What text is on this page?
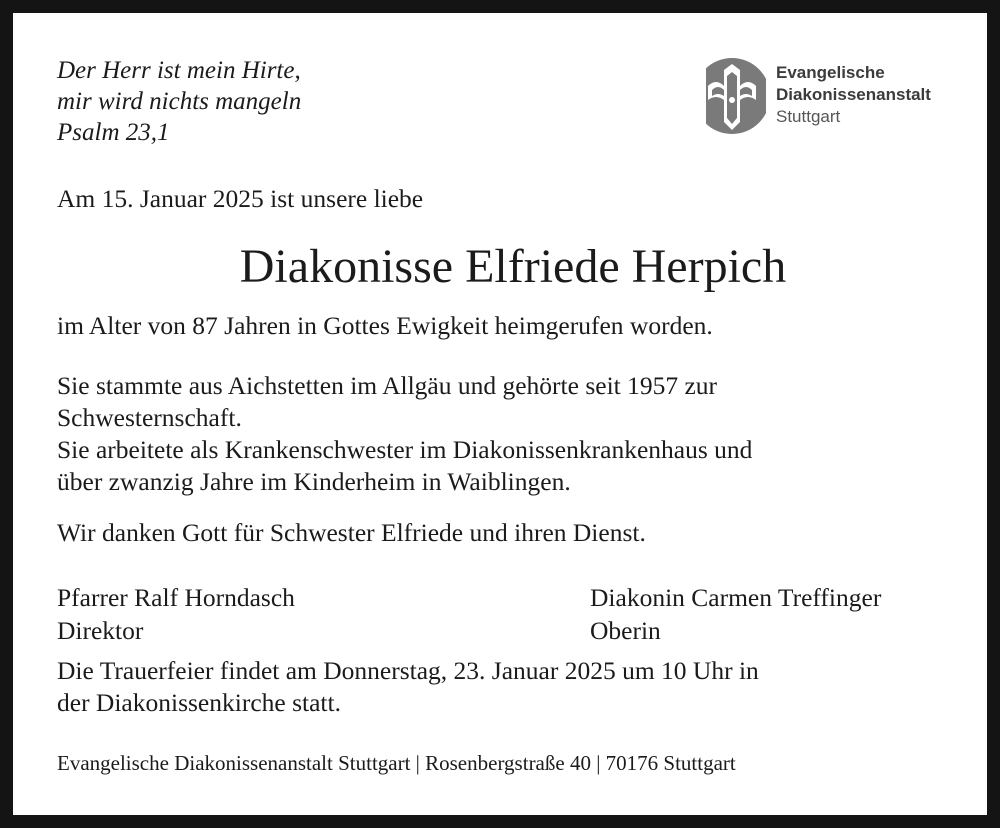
Der Herr ist mein Hirte,
mir wird nichts mangeln
Psalm 23,1
Evangelische
Diakonissenanstalt
Stuttgart
Am 15. Januar 2025 ist unsere liebe
Diakonisse Elfriede Herpich
im Alter von 87 Jahren in Gottes Ewigkeit heimgerufen worden.
Sie stammte aus Aichstetten im Allgäu und gehörte seit 1957 zur
Schwesternschaft.
Sie arbeitete als Krankenschwester im Diakonissenkrankenhaus und
über zwanzig Jahre im Kinderheim in Waiblingen.
Wir danken Gott für Schwester Elfriede und ihren Dienst.
Pfarrer Ralf Horndasch
Direktor
Diakonin Carmen Treffinger
Oberin
Die Trauerfeier findet am Donnerstag, 23. Januar 2025 um 10 Uhr in
der Diakonissenkirche statt.
Evangelische Diakonissenanstalt Stuttgart | Rosenbergstraße 40 | 70176 Stuttgart
